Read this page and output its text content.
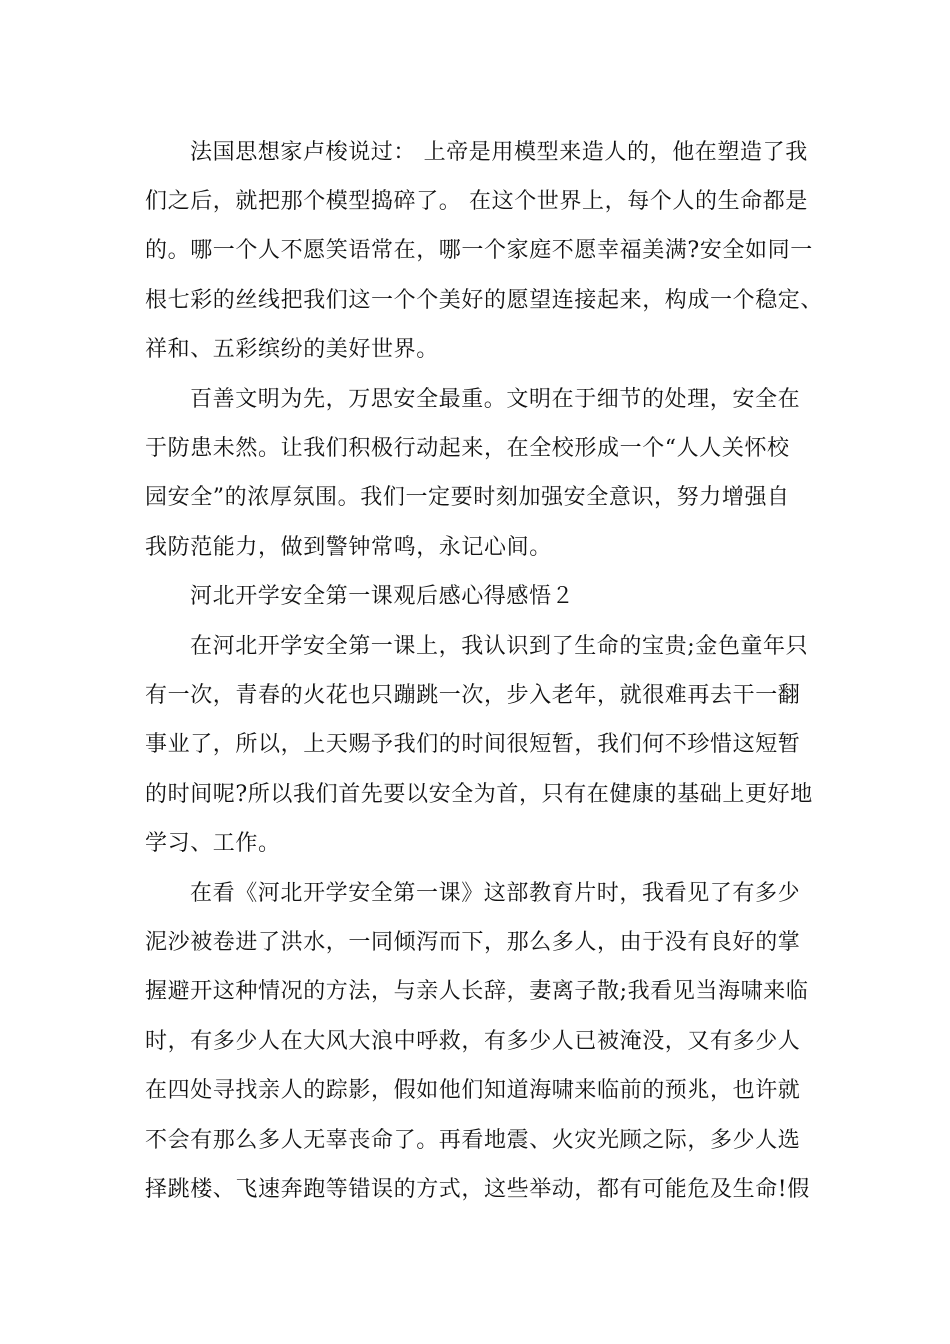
法国思想家卢梭说过： 上帝是用模型来造人的，他在塑造了我
们之后，就把那个模型捣碎了。 在这个世界上，每个人的生命都是
的。哪一个人不愿笑语常在，哪一个家庭不愿幸福美满?安全如同一
根七彩的丝线把我们这一个个美好的愿望连接起来，构成一个稳定、
祥和、五彩缤纷的美好世界。
百善文明为先，万思安全最重。文明在于细节的处理，安全在
于防患未然。让我们积极行动起来，在全校形成一个“人人关怀校
园安全”的浓厚氛围。我们一定要时刻加强安全意识，努力增强自
我防范能力，做到警钟常鸣，永记心间。
河北开学安全第一课观后感心得感悟２
在河北开学安全第一课上，我认识到了生命的宝贵;金色童年只
有一次，青春的火花也只蹦跳一次，步入老年，就很难再去干一翻
事业了，所以，上天赐予我们的时间很短暂，我们何不珍惜这短暂
的时间呢?所以我们首先要以安全为首，只有在健康的基础上更好地
学习、工作。
在看《河北开学安全第一课》这部教育片时，我看见了有多少
泥沙被卷进了洪水，一同倾泻而下，那么多人，由于没有良好的掌
握避开这种情况的方法，与亲人长辞，妻离子散;我看见当海啸来临
时，有多少人在大风大浪中呼救，有多少人已被淹没，又有多少人
在四处寻找亲人的踪影，假如他们知道海啸来临前的预兆，也许就
不会有那么多人无辜丧命了。再看地震、火灾光顾之际，多少人选
择跳楼、飞速奔跑等错误的方式，这些举动，都有可能危及生命!假
